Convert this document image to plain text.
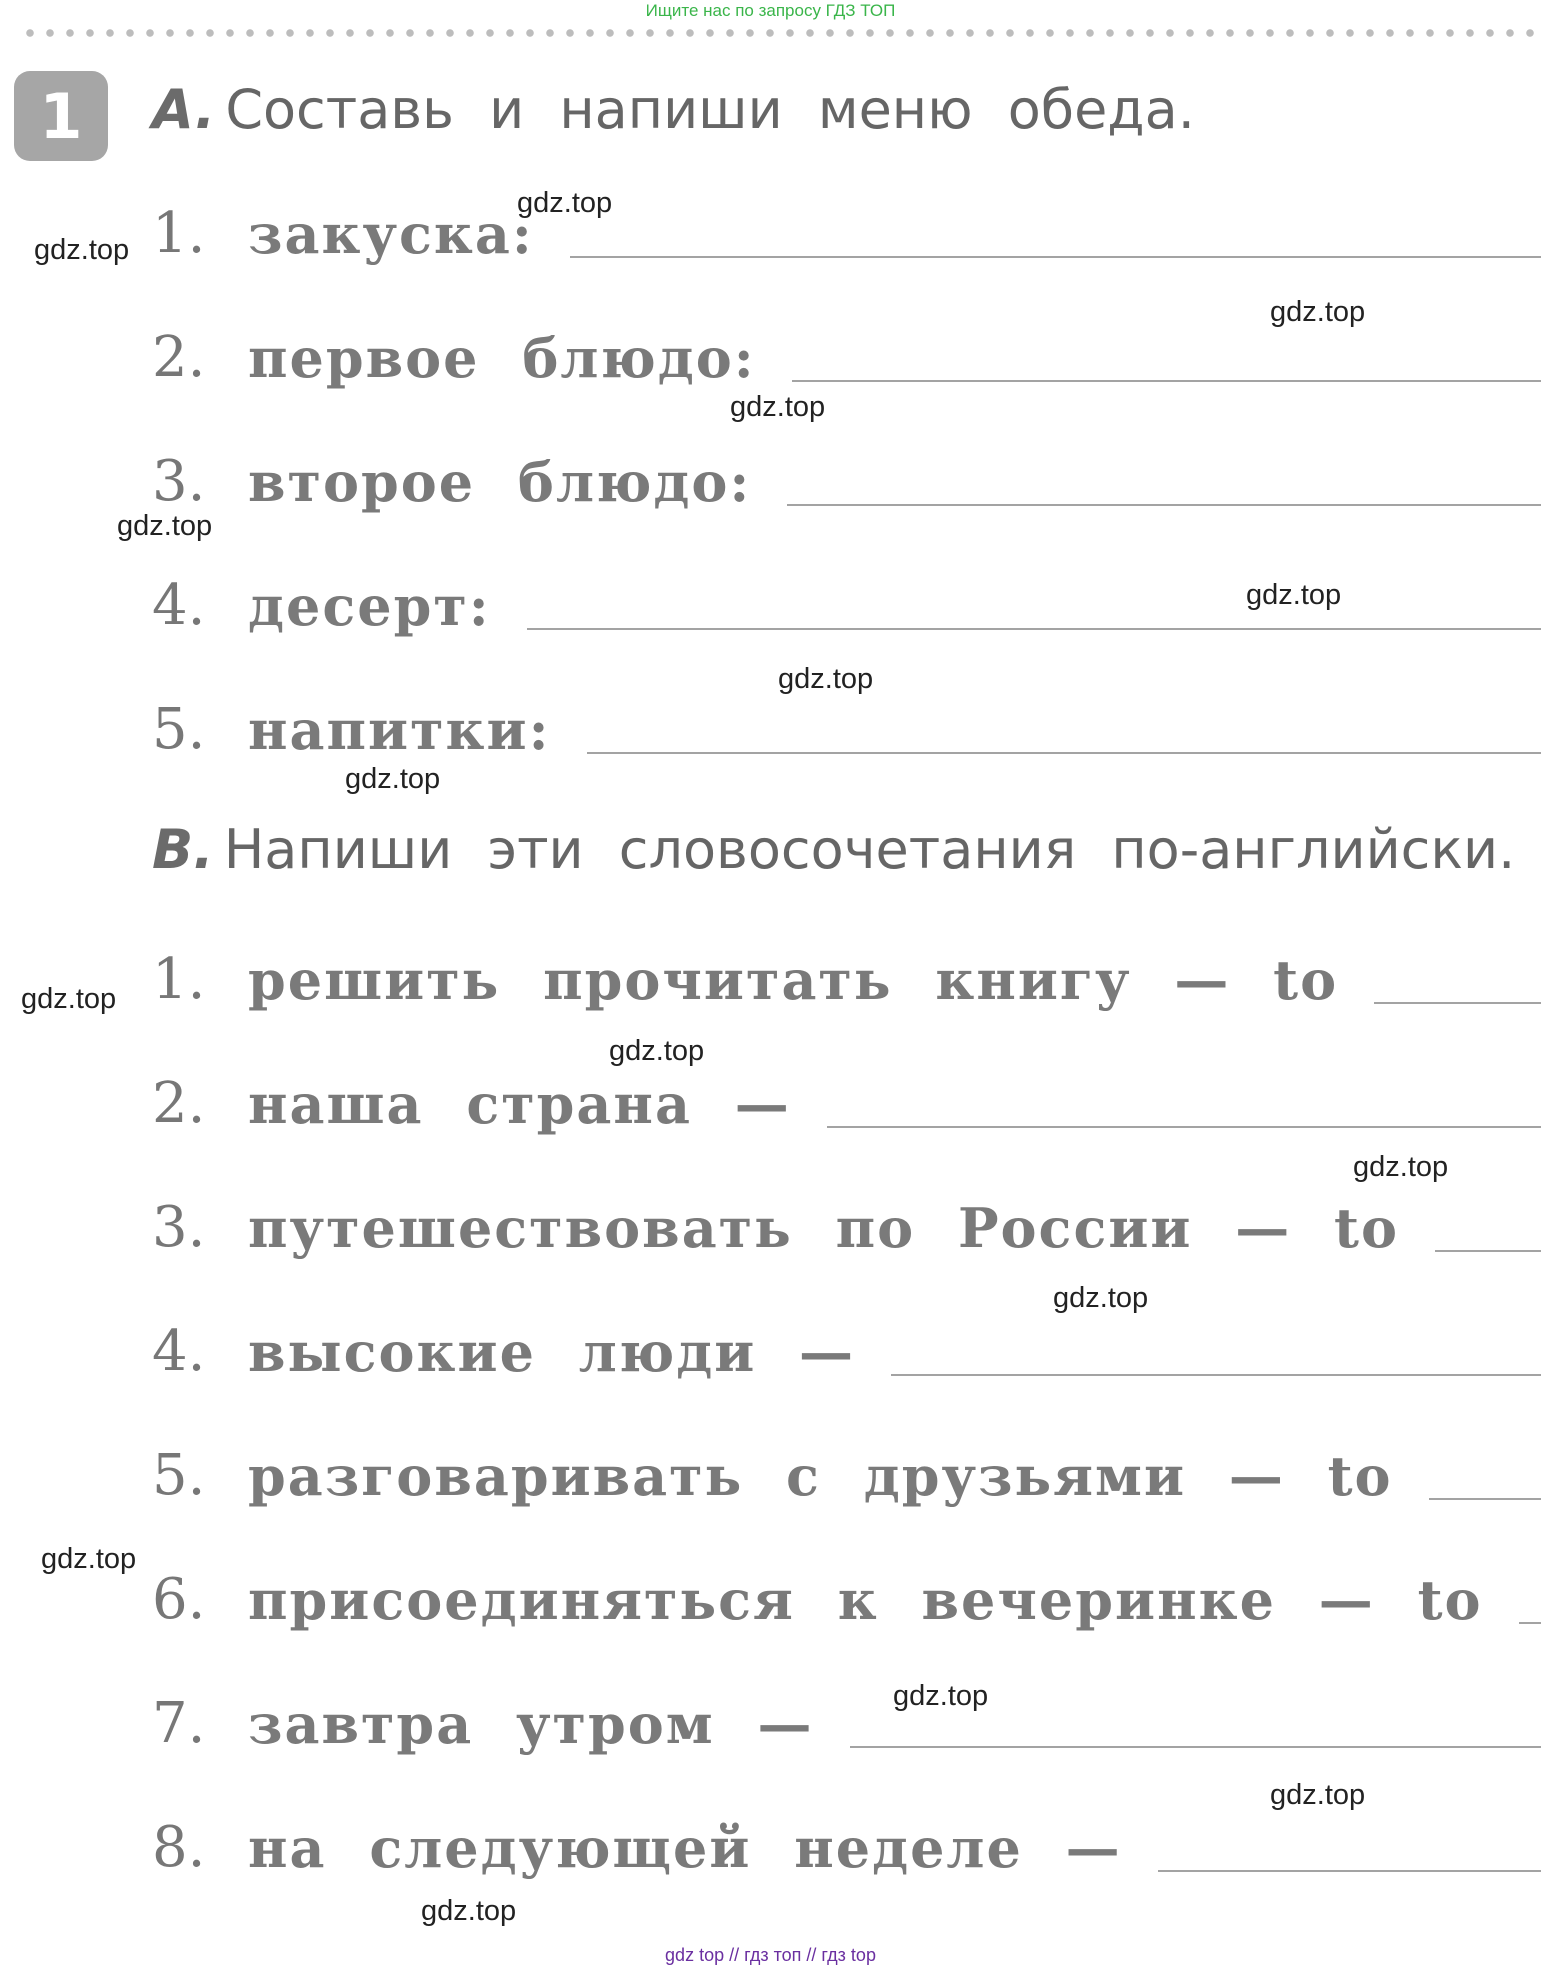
Ищите нас по запросу ГДЗ ТОП
1	A. Составь и напиши меню обеда.
1. закуска:
2. первое блюдо:
3. второе блюдо:
4. десерт:
5. напитки:
B. Напиши эти словосочетания по-английски.
1. решить прочитать книгу — to
2. наша страна —
3. путешествовать по России — to
4. высокие люди —
5. разговаривать с друзьями — to
6. присоединяться к вечеринке — to
7. завтра утром —
8. на следующей неделе —
gdz.top
gdz.top
gdz.top
gdz.top
gdz.top
gdz.top
gdz.top
gdz.top
gdz.top
gdz.top
gdz.top
gdz.top
gdz.top
gdz.top
gdz.top
gdz.top
gdz top // гдз топ // гдз top
